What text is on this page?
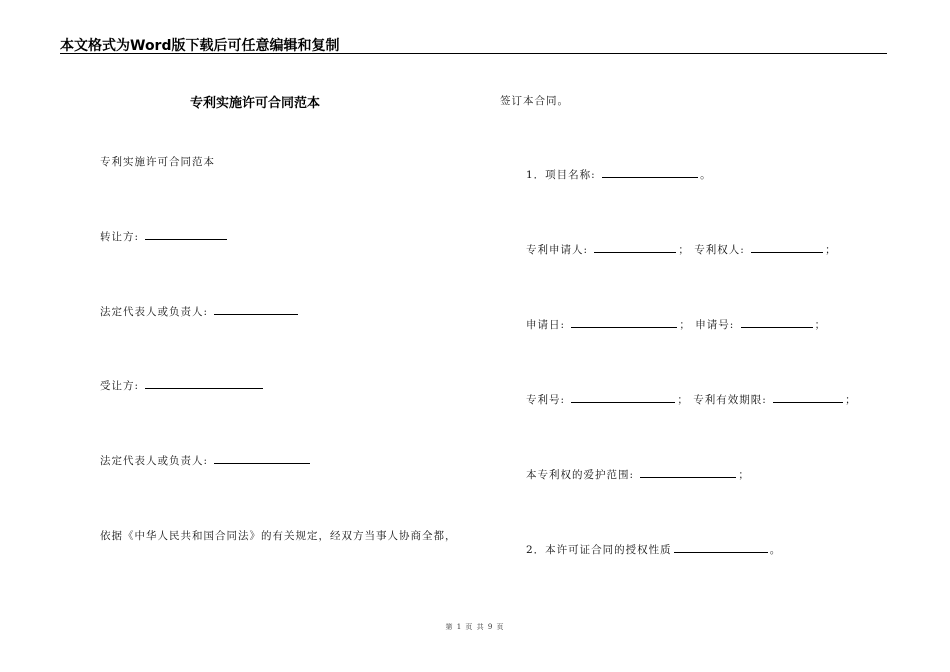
本文格式为Word版下载后可任意编辑和复制
专利实施许可合同范本
专利实施许可合同范本
转让方:
法定代表人或负责人:
受让方:
法定代表人或负责人:
依据《中华人民共和国合同法》的有关规定，经双方当事人协商全都，
签订本合同。
1．项目名称:	。
专利申请人:	； 专利权人:	；
申请日:	； 申请号:	；
专利号:	； 专利有效期限:	；
本专利权的爱护范围:	；
2．本许可证合同的授权性质	。
第 1 页 共 9 页
